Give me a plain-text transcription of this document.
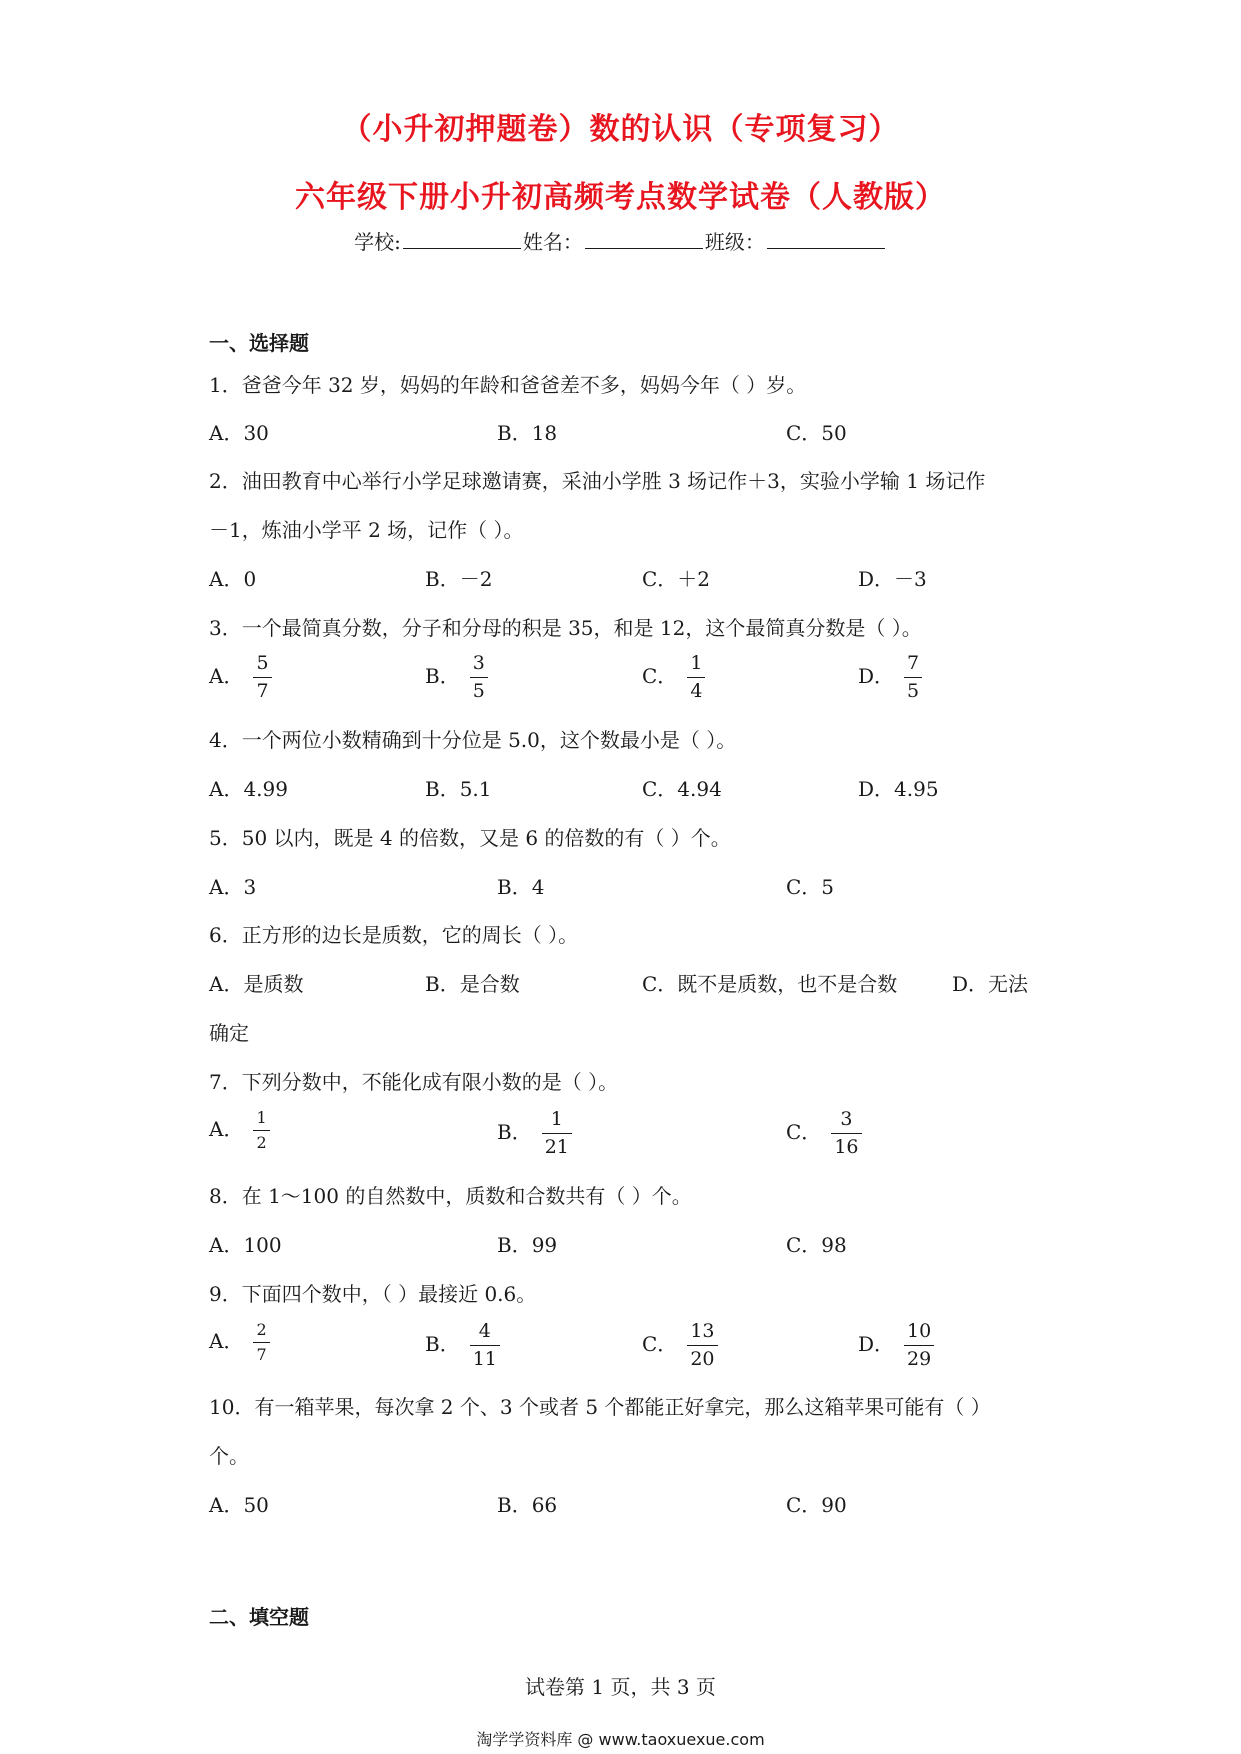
（小升初押题卷）数的认识（专项复习）
六年级下册小升初高频考点数学试卷（人教版）
学校:	姓名：	班级：
一、选择题
1．爸爸今年 32 岁，妈妈的年龄和爸爸差不多，妈妈今年（ ）岁。
A．30	B．18	C．50
2．油田教育中心举行小学足球邀请赛，采油小学胜 3 场记作＋3，实验小学输 1 场记作
－1，炼油小学平 2 场，记作（ ）。
A．0	B．－2	C．＋2	D．－3
3．一个最简真分数，分子和分母的积是 35，和是 12，这个最简真分数是（ ）。
A． $\frac{5}{7}$	B． $\frac{3}{5}$	C． $\frac{1}{4}$	D． $\frac{7}{5}$
4．一个两位小数精确到十分位是 5.0，这个数最小是（ ）。
A．4.99	B．5.1	C．4.94	D．4.95
5．50 以内，既是 4 的倍数，又是 6 的倍数的有（ ）个。
A．3	B．4	C．5
6．正方形的边长是质数，它的周长（ ）。
A．是质数	B．是合数	C．既不是质数，也不是合数	D．无法
确定
7．下列分数中，不能化成有限小数的是（ ）。
A． $\frac{1}{2}$	B． $\frac{1}{21}$	C． $\frac{3}{16}$
8．在 1～100 的自然数中，质数和合数共有（ ）个。
A．100	B．99	C．98
9．下面四个数中，（ ）最接近 0.6。
A． $\frac{2}{7}$	B． $\frac{4}{11}$	C． $\frac{13}{20}$	D． $\frac{10}{29}$
10．有一箱苹果，每次拿 2 个、3 个或者 5 个都能正好拿完，那么这箱苹果可能有（ ）
个。
A．50	B．66	C．90
二、填空题
试卷第 1 页，共 3 页
淘学学资料库 @ www.taoxuexue.com
